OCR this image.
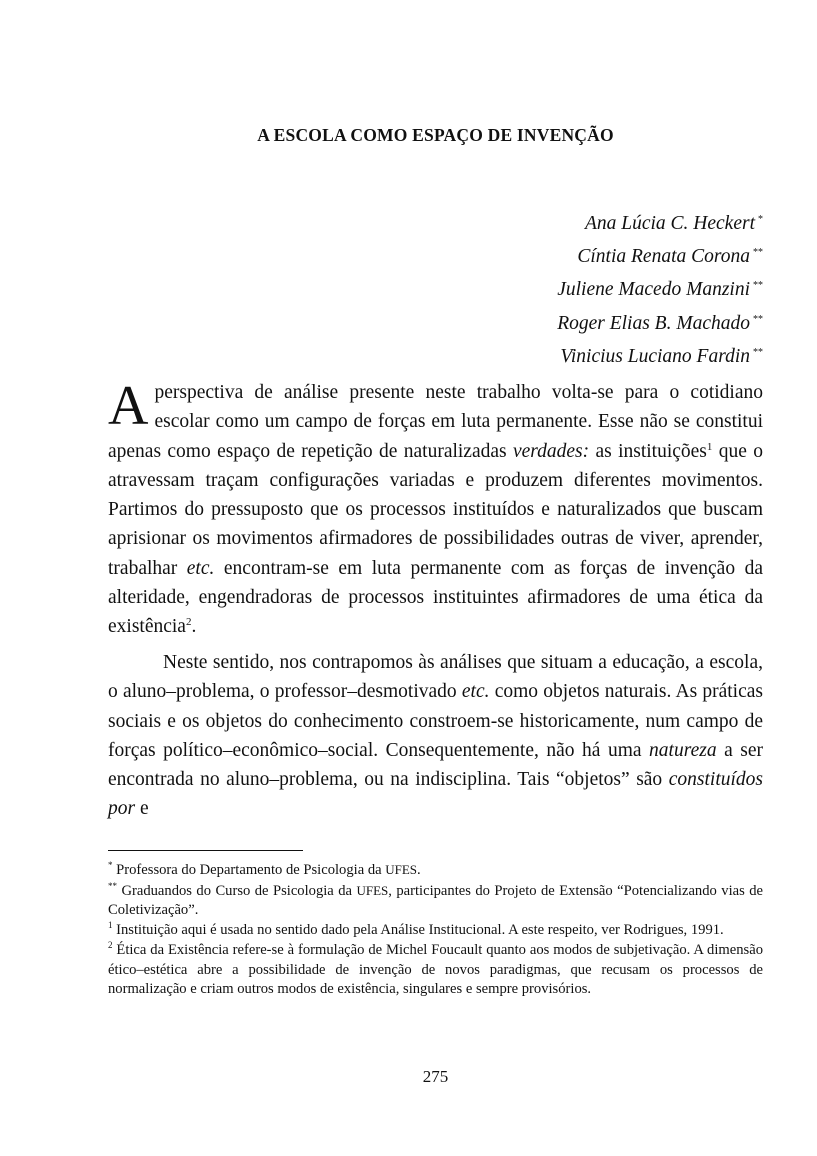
A ESCOLA COMO ESPAÇO DE INVENÇÃO
Ana Lúcia C. Heckert *
Cíntia Renata Corona **
Juliene Macedo Manzini **
Roger Elias B. Machado **
Vinicius Luciano Fardin **
A perspectiva de análise presente neste trabalho volta-se para o cotidiano escolar como um campo de forças em luta permanente. Esse não se constitui apenas como espaço de repetição de naturalizadas verdades: as instituições$^1$ que o atravessam traçam configurações variadas e produzem diferentes movimentos. Partimos do pressuposto que os processos instituídos e naturalizados que buscam aprisionar os movimentos afirmadores de possibilidades outras de viver, aprender, trabalhar etc. encontram-se em luta permanente com as forças de invenção da alteridade, engendradoras de processos instituintes afirmadores de uma ética da existência$^2$.
Neste sentido, nos contrapomos às análises que situam a educação, a escola, o aluno–problema, o professor–desmotivado etc. como objetos naturais. As práticas sociais e os objetos do conhecimento constroem-se historicamente, num campo de forças político–econômico–social. Consequentemente, não há uma natureza a ser encontrada no aluno–problema, ou na indisciplina. Tais “objetos” são constituídos por e

* Professora do Departamento de Psicologia da UFES.

** Graduandos do Curso de Psicologia da UFES, participantes do Projeto de Extensão “Potencializando vias de Coletivização”.

$^1$ Instituição aqui é usada no sentido dado pela Análise Institucional. A este respeito, ver Rodrigues, 1991.

$^2$ Ética da Existência refere-se à formulação de Michel Foucault quanto aos modos de subjetivação. A dimensão ético–estética abre a possibilidade de invenção de novos paradigmas, que recusam os processos de normalização e criam outros modos de existência, singulares e sempre provisórios.

275
